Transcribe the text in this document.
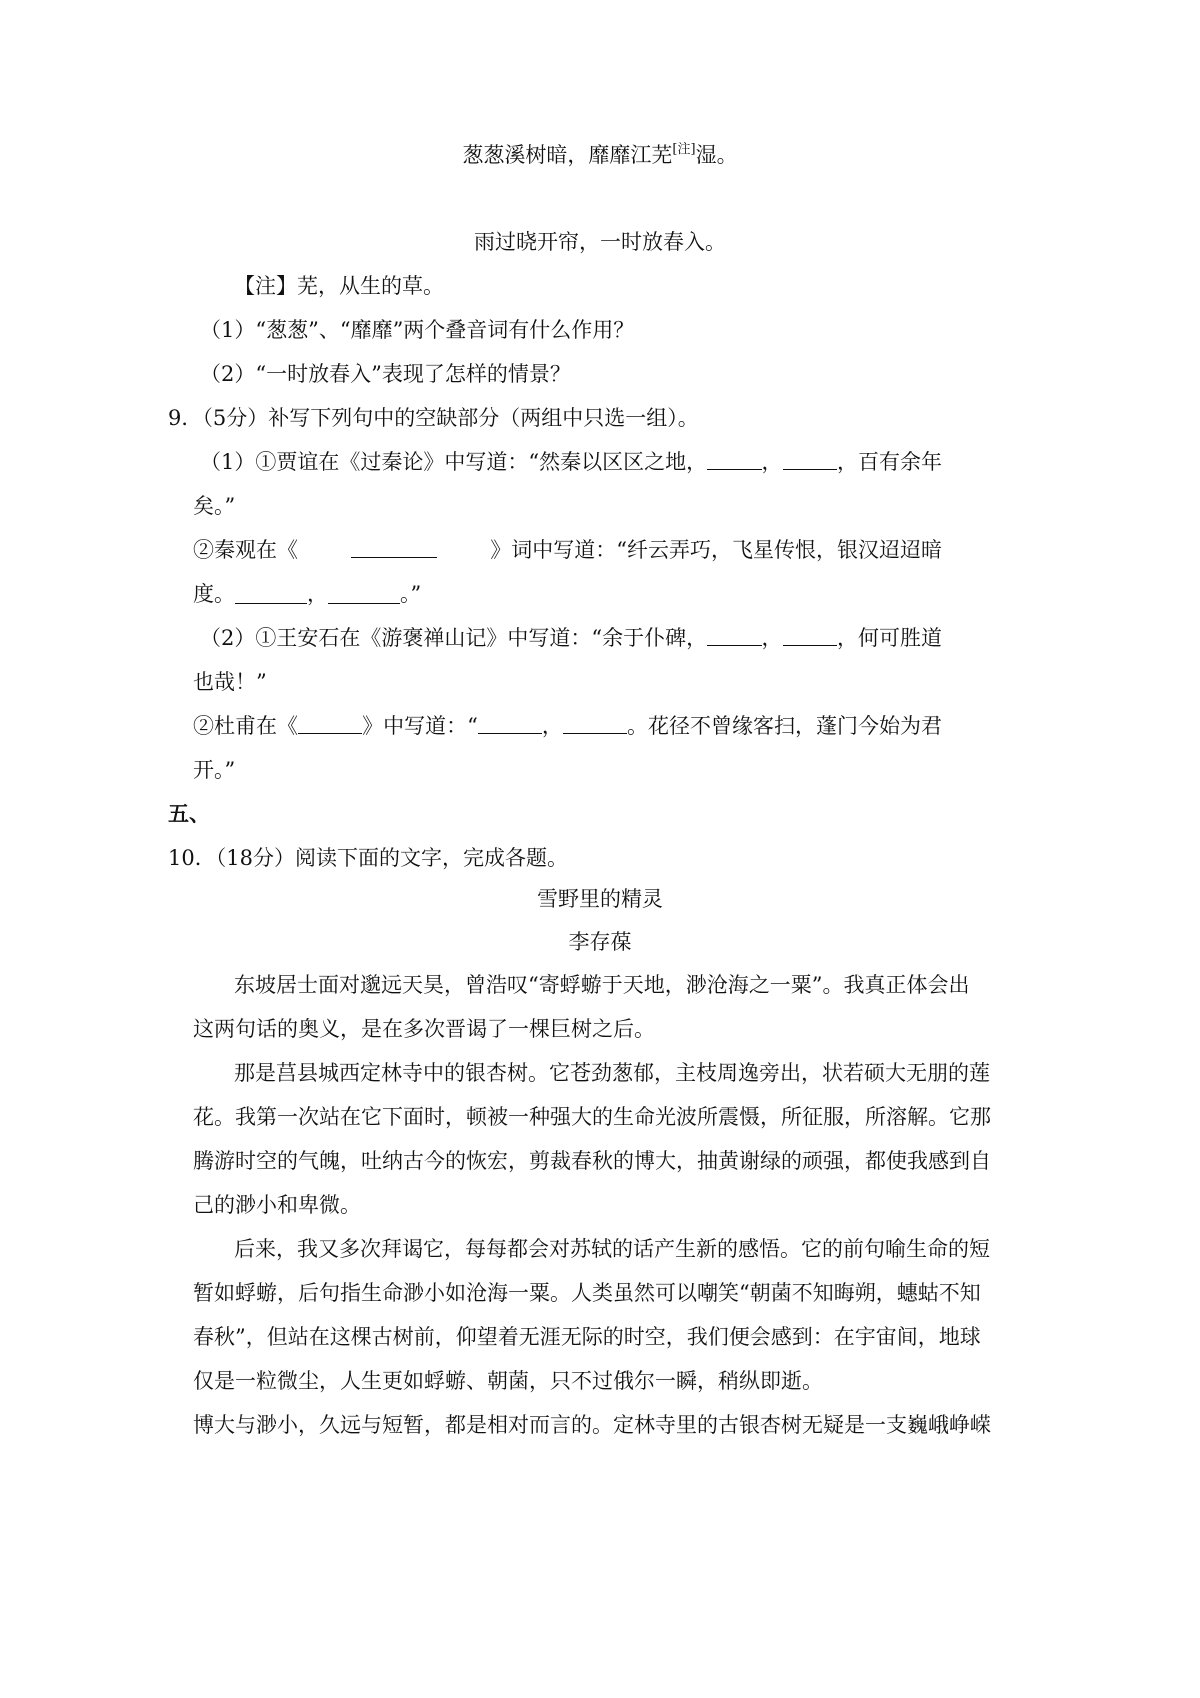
葱葱溪树暗，靡靡江芜[注]湿。
雨过晓开帘，一时放春入。
【注】芜，从生的草。
（1）“葱葱”、“靡靡”两个叠音词有什么作用？
（2）“一时放春入”表现了怎样的情景？
9．（5分）补写下列句中的空缺部分（两组中只选一组）。
（1）①贾谊在《过秦论》中写道：“然秦以区区之地，	，	，百有余年
矣。”
②秦观在《	》词中写道：“纤云弄巧，飞星传恨，银汉迢迢暗
度。	，	。”
（2）①王安石在《游褒禅山记》中写道：“余于仆碑，	，	，何可胜道
也哉！”
②杜甫在《	》中写道：“	，	。花径不曾缘客扫，蓬门今始为君
开。”
五、
10．（18分）阅读下面的文字，完成各题。
雪野里的精灵
李存葆
东坡居士面对邈远天昊，曾浩叹“寄蜉蝣于天地，渺沧海之一粟”。我真正体会出
这两句话的奥义，是在多次晋谒了一棵巨树之后。
那是莒县城西定林寺中的银杏树。它苍劲葱郁，主枝周逸旁出，状若硕大无朋的莲
花。我第一次站在它下面时，顿被一种强大的生命光波所震慑，所征服，所溶解。它那
腾游时空的气魄，吐纳古今的恢宏，剪裁春秋的博大，抽黄谢绿的顽强，都使我感到自
己的渺小和卑微。
后来，我又多次拜谒它，每每都会对苏轼的话产生新的感悟。它的前句喻生命的短
暂如蜉蝣，后句指生命渺小如沧海一粟。人类虽然可以嘲笑“朝菌不知晦朔，蟪蛄不知
春秋”，但站在这棵古树前，仰望着无涯无际的时空，我们便会感到：在宇宙间，地球
仅是一粒微尘，人生更如蜉蝣、朝菌，只不过俄尔一瞬，稍纵即逝。
博大与渺小，久远与短暂，都是相对而言的。定林寺里的古银杏树无疑是一支巍峨峥嵘
